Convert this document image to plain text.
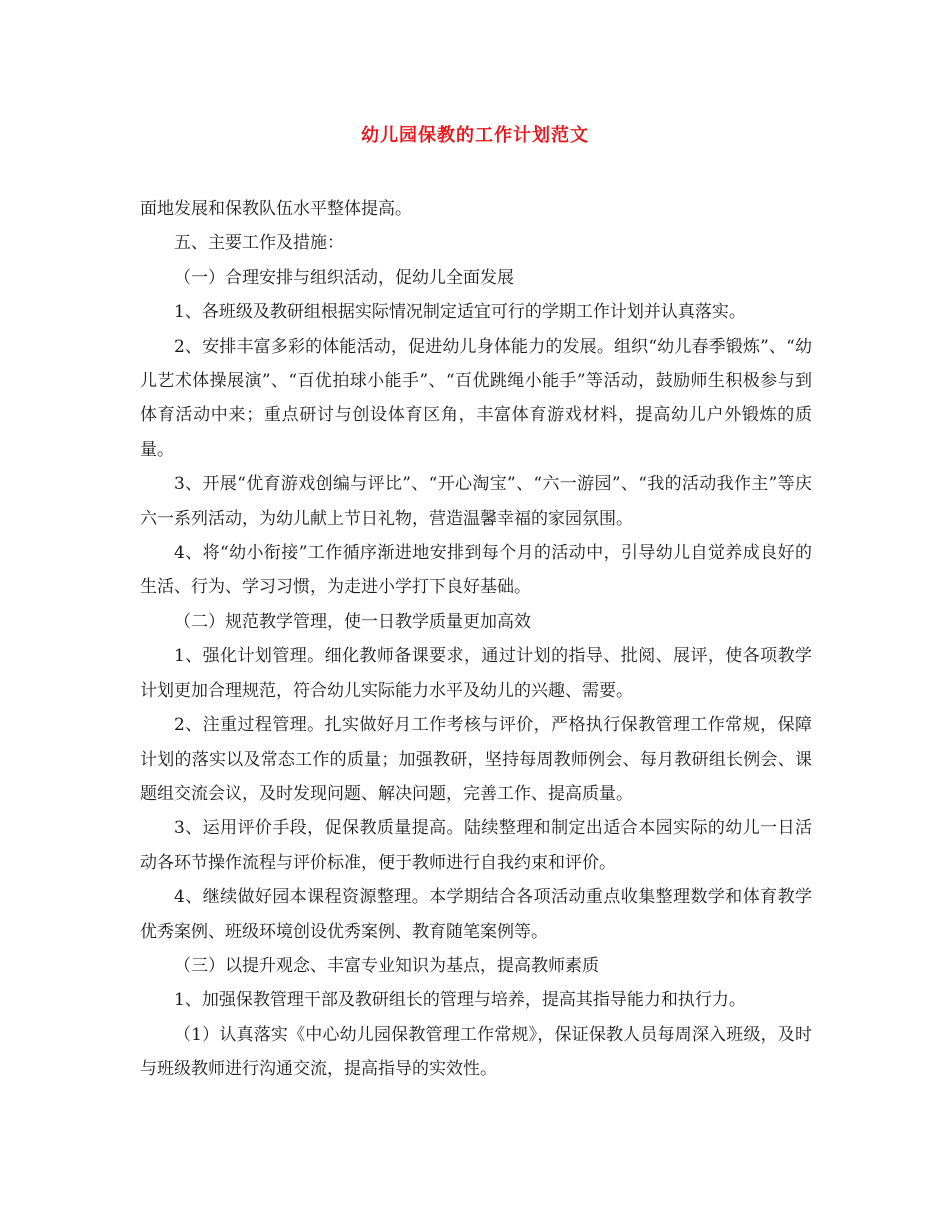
幼儿园保教的工作计划范文

面地发展和保教队伍水平整体提高。

五、主要工作及措施：

（一）合理安排与组织活动，促幼儿全面发展

1、各班级及教研组根据实际情况制定适宜可行的学期工作计划并认真落实。

2、安排丰富多彩的体能活动，促进幼儿身体能力的发展。组织“幼儿春季锻炼”、“幼儿艺术体操展演”、“百优拍球小能手”、“百优跳绳小能手”等活动，鼓励师生积极参与到体育活动中来；重点研讨与创设体育区角，丰富体育游戏材料，提高幼儿户外锻炼的质量。

3、开展“优育游戏创编与评比”、“开心淘宝”、“六一游园”、“我的活动我作主”等庆六一系列活动，为幼儿献上节日礼物，营造温馨幸福的家园氛围。

4、将“幼小衔接”工作循序渐进地安排到每个月的活动中，引导幼儿自觉养成良好的生活、行为、学习习惯，为走进小学打下良好基础。

（二）规范教学管理，使一日教学质量更加高效

1、强化计划管理。细化教师备课要求，通过计划的指导、批阅、展评，使各项教学计划更加合理规范，符合幼儿实际能力水平及幼儿的兴趣、需要。

2、注重过程管理。扎实做好月工作考核与评价，严格执行保教管理工作常规，保障计划的落实以及常态工作的质量；加强教研，坚持每周教师例会、每月教研组长例会、课题组交流会议，及时发现问题、解决问题，完善工作、提高质量。

3、运用评价手段，促保教质量提高。陆续整理和制定出适合本园实际的幼儿一日活动各环节操作流程与评价标准，便于教师进行自我约束和评价。

4、继续做好园本课程资源整理。本学期结合各项活动重点收集整理数学和体育教学优秀案例、班级环境创设优秀案例、教育随笔案例等。

（三）以提升观念、丰富专业知识为基点，提高教师素质

1、加强保教管理干部及教研组长的管理与培养，提高其指导能力和执行力。

（1）认真落实《中心幼儿园保教管理工作常规》，保证保教人员每周深入班级，及时与班级教师进行沟通交流，提高指导的实效性。
